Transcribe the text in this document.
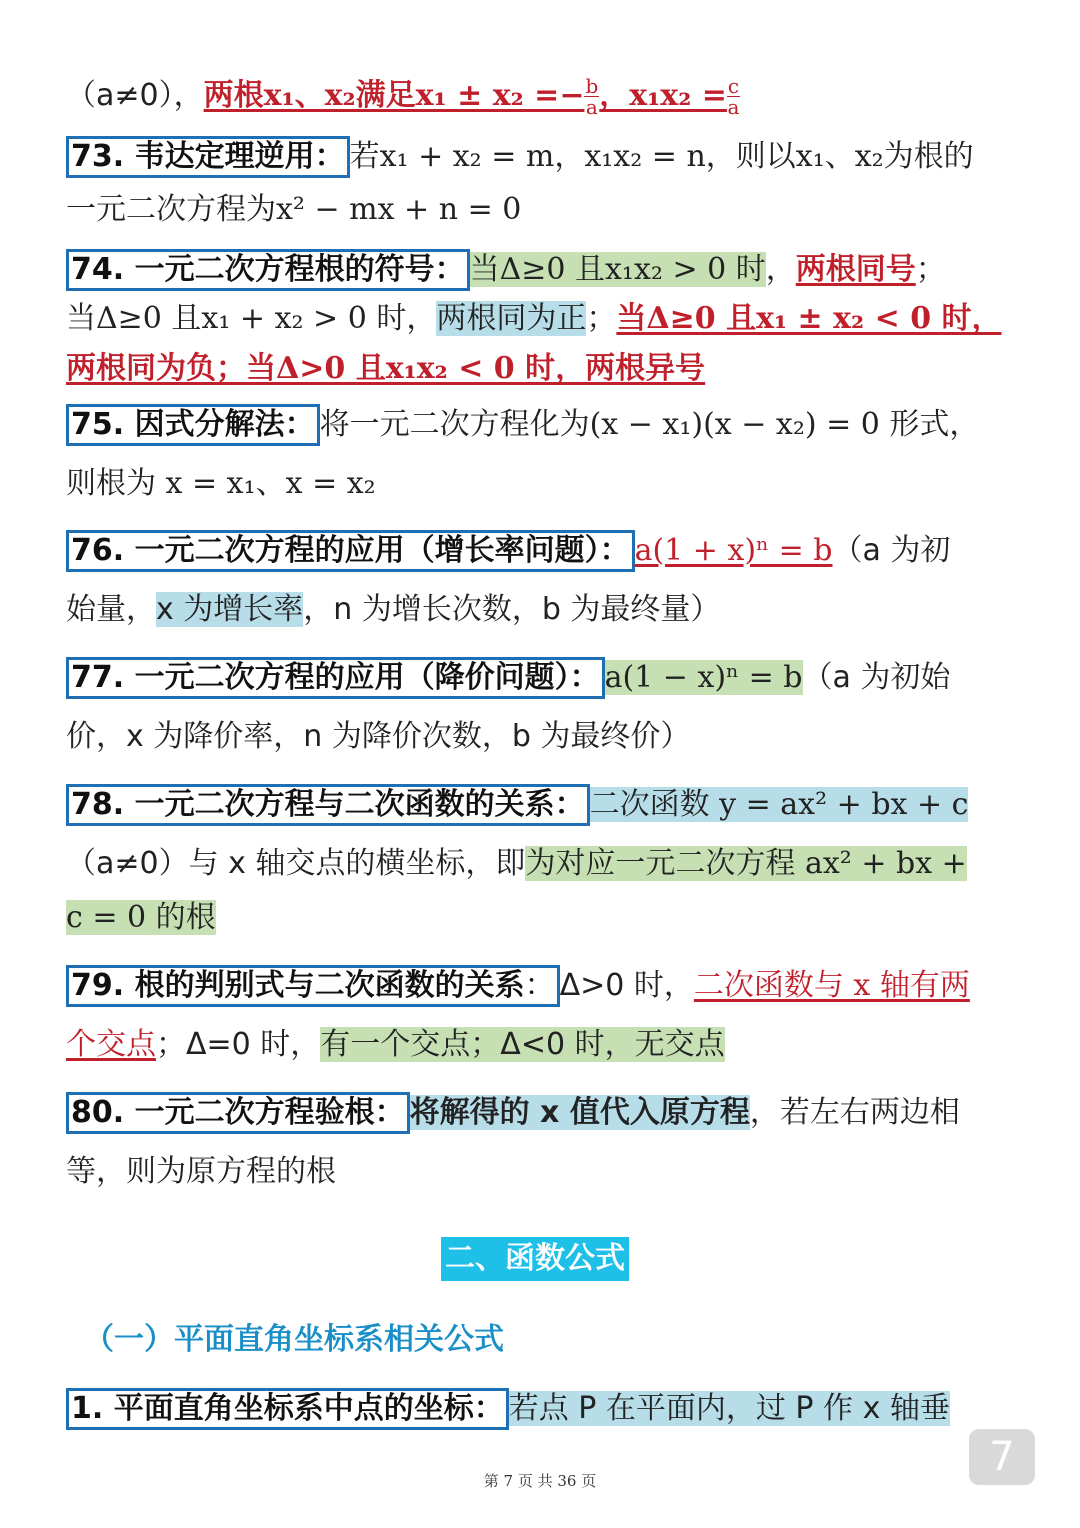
（a≠0），两根x₁、x₂满足$x_1 \pm x_2 =- \frac{b}{a}$ ，$x_1x_2 = \frac{c}{a}$
73. 韦达定理逆用： 若x₁ + x₂ = m，x₁x₂ = n，则以x₁、x₂为根的
一元二次方程为x² − mx + n = 0
74. 一元二次方程根的符号： 当Δ≥0 且x₁x₂ > 0 时，两根同号；
当Δ≥0 且x₁ + x₂ > 0 时，两根同为正；当Δ≥0 且x₁ ± x₂ < 0 时，
两根同为负；当Δ>0 且x₁x₂ < 0 时，两根异号
75. 因式分解法： 将一元二次方程化为(x − x₁)(x − x₂) = 0 形式，
则根为 x = x₁、x = x₂
76. 一元二次方程的应用（增长率问题）： a(1 + x)ⁿ = b（a 为初
始量，x 为增长率，n 为增长次数，b 为最终量）
77. 一元二次方程的应用（降价问题）： a(1 − x)ⁿ = b（a 为初始
价，x 为降价率，n 为降价次数，b 为最终价）
78. 一元二次方程与二次函数的关系： 二次函数 y = ax² + bx + c
（a≠0）与 x 轴交点的横坐标，即为对应一元二次方程 ax² + bx +
c = 0 的根
79. 根的判别式与二次函数的关系： Δ>0 时，二次函数与 x 轴有两
个交点；Δ=0 时，有一个交点；Δ<0 时，无交点
80. 一元二次方程验根： 将解得的 x 值代入原方程，若左右两边相
等，则为原方程的根
二、函数公式
（一）平面直角坐标系相关公式
1. 平面直角坐标系中点的坐标： 若点 P 在平面内，过 P 作 x 轴垂
7
第 7 页 共 36 页
